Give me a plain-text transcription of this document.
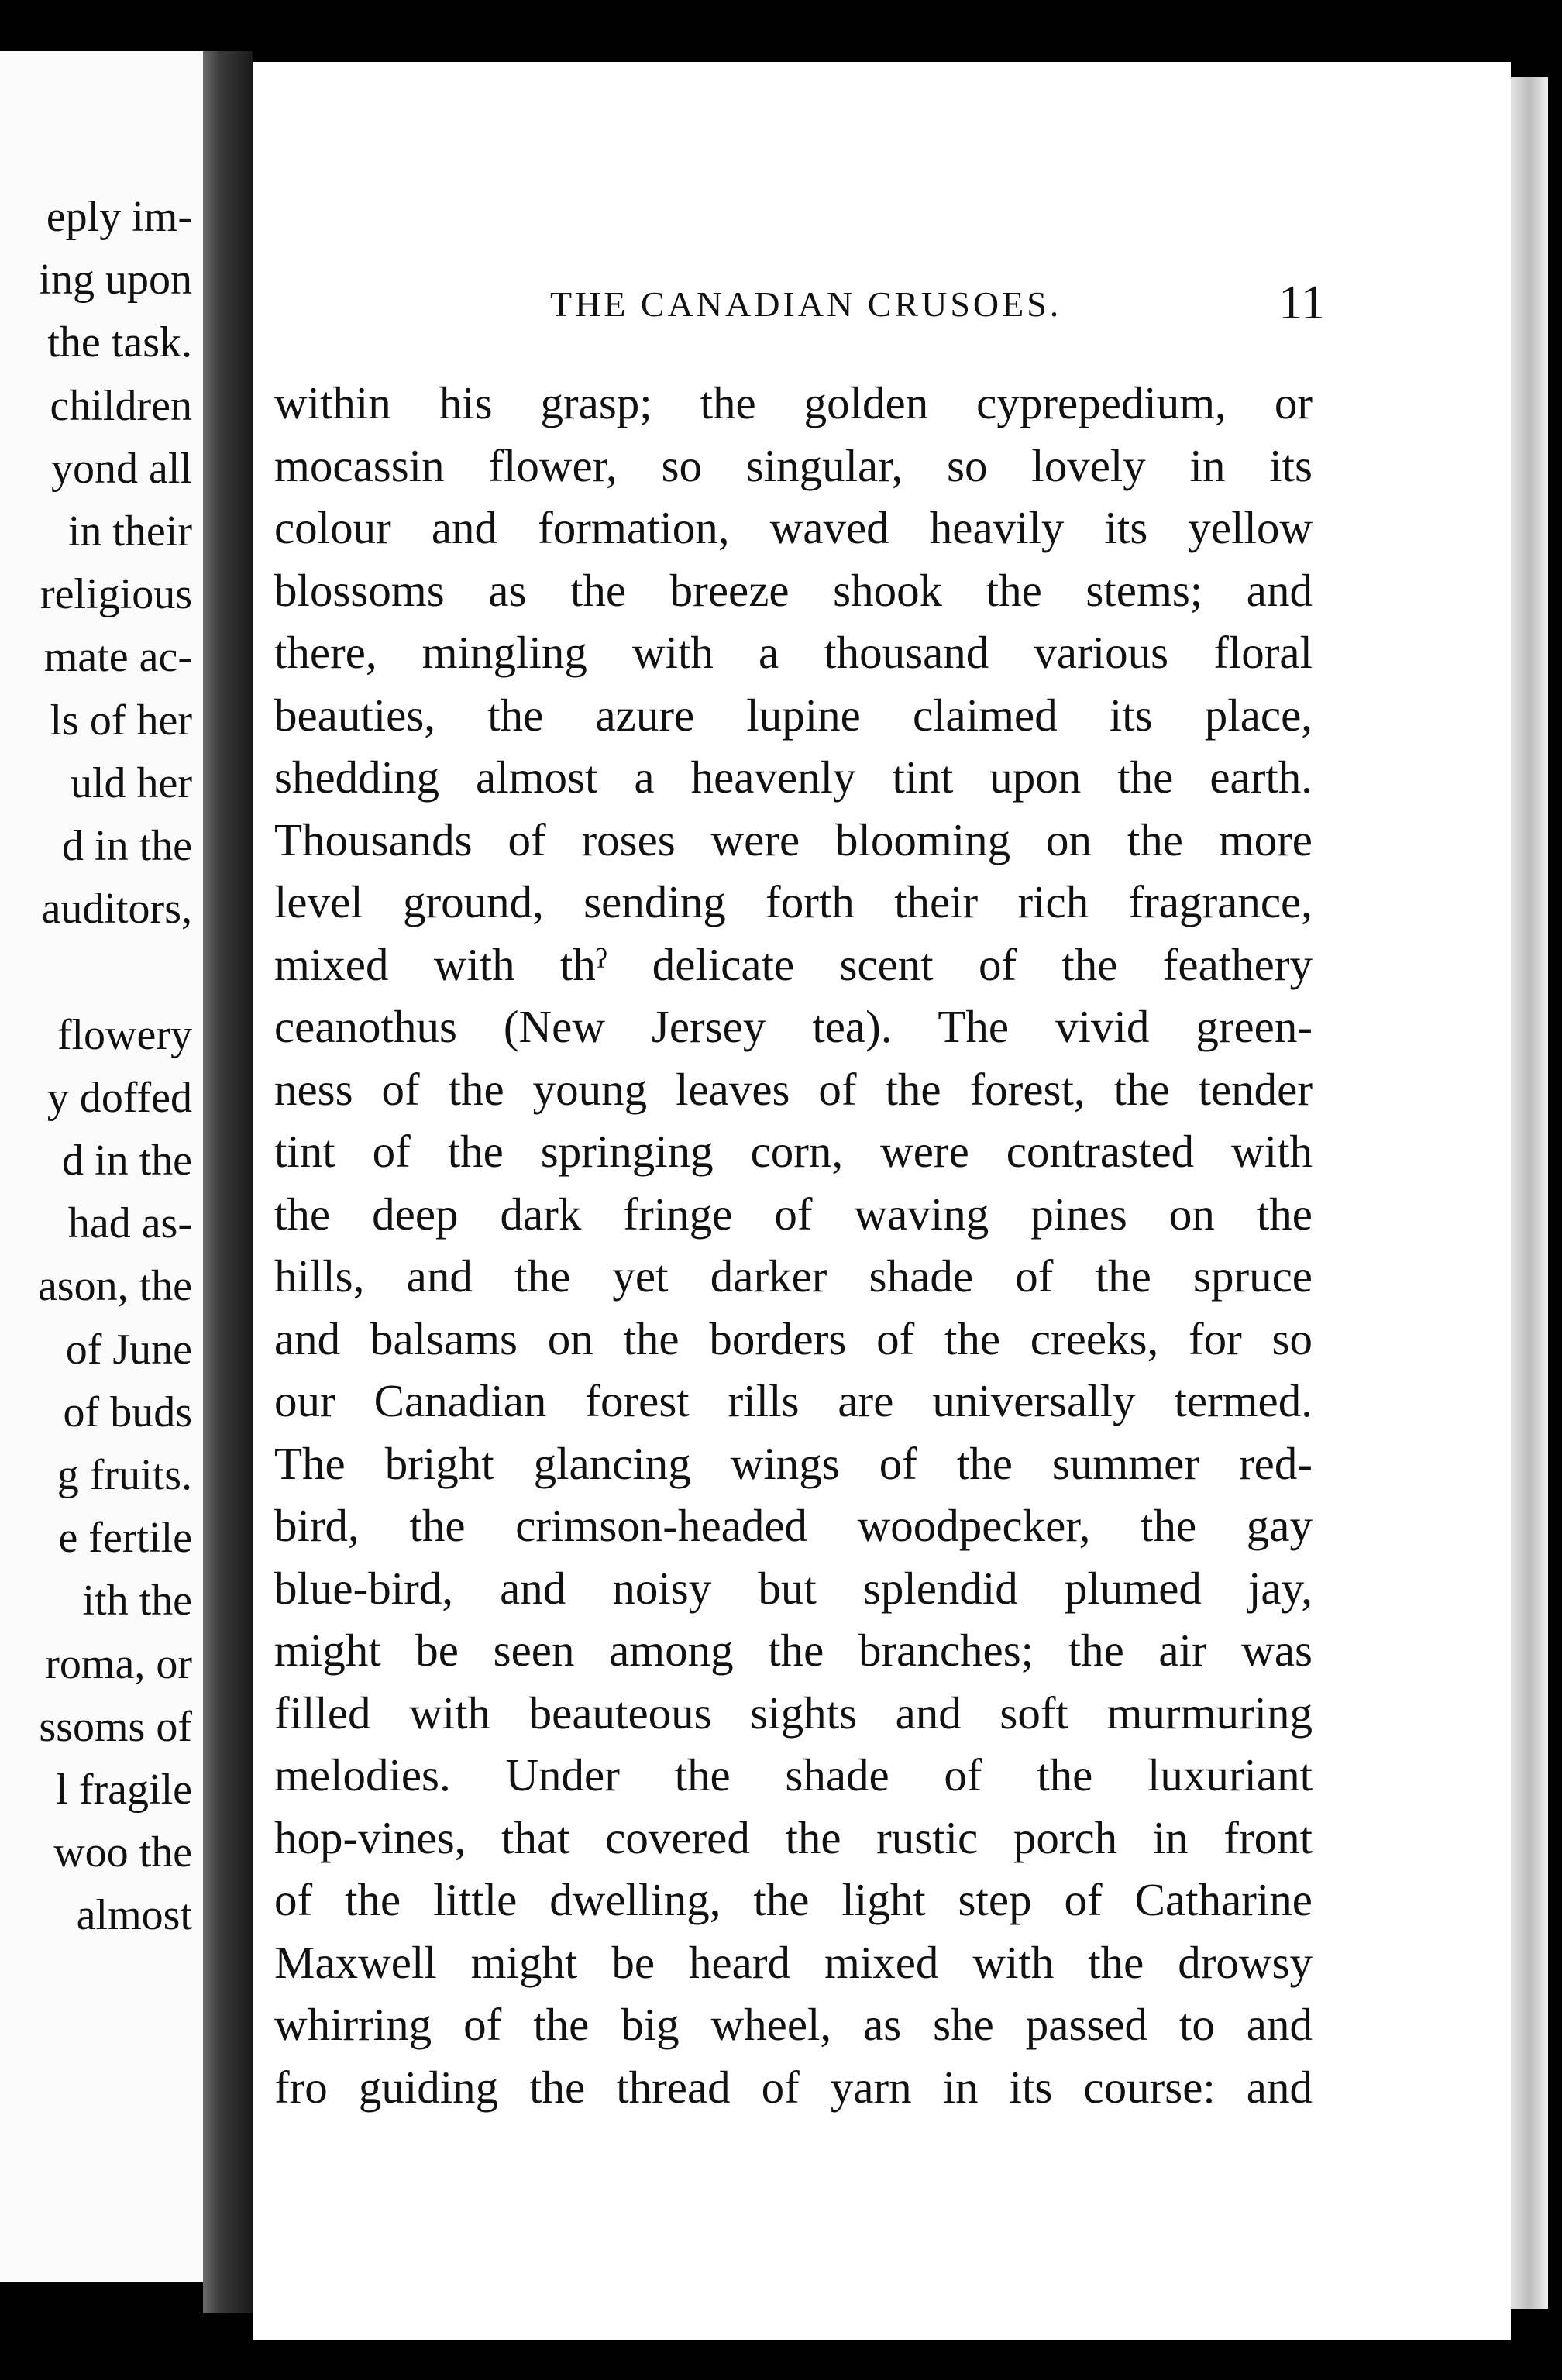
eply im-
ing upon
the task.
children
yond all
in their
religious
mate ac-
ls of her
uld her
d in the
auditors,
flowery
y doffed
d in the
had as-
ason, the
of June
of buds
g fruits.
e fertile
ith the
roma, or
ssoms of
l fragile
woo the
almost
THE CANADIAN CRUSOES.	11
within his grasp; the golden cypreрedium, or
mocassin flower, so singular, so lovely in its
colour and formation, waved heavily its yellow
blossoms as the breeze shook the stems; and
there, mingling with a thousand various floral
beauties, the azure lupine claimed its place,
shedding almost a heavenly tint upon the earth.
Thousands of roses were blooming on the more
level ground, sending forth their rich fragrance,
mixed with thˀ delicate scent of the feathery
ceanothus (New Jersey tea). The vivid green-
ness of the young leaves of the forest, the tender
tint of the springing corn, were contrasted with
the deep dark fringe of waving pines on the
hills, and the yet darker shade of the spruce
and balsams on the borders of the creeks, for so
our Canadian forest rills are universally termed.
The bright glancing wings of the summer red-
bird, the crimson-headed woodpecker, the gay
blue-bird, and noisy but splendid plumed jay,
might be seen among the branches; the air was
filled with beauteous sights and soft murmuring
melodies. Under the shade of the luxuriant
hop-vines, that covered the rustic porch in front
of the little dwelling, the light step of Catharine
Maxwell might be heard mixed with the drowsy
whirring of the big wheel, as she passed to and
fro guiding the thread of yarn in its course: and
